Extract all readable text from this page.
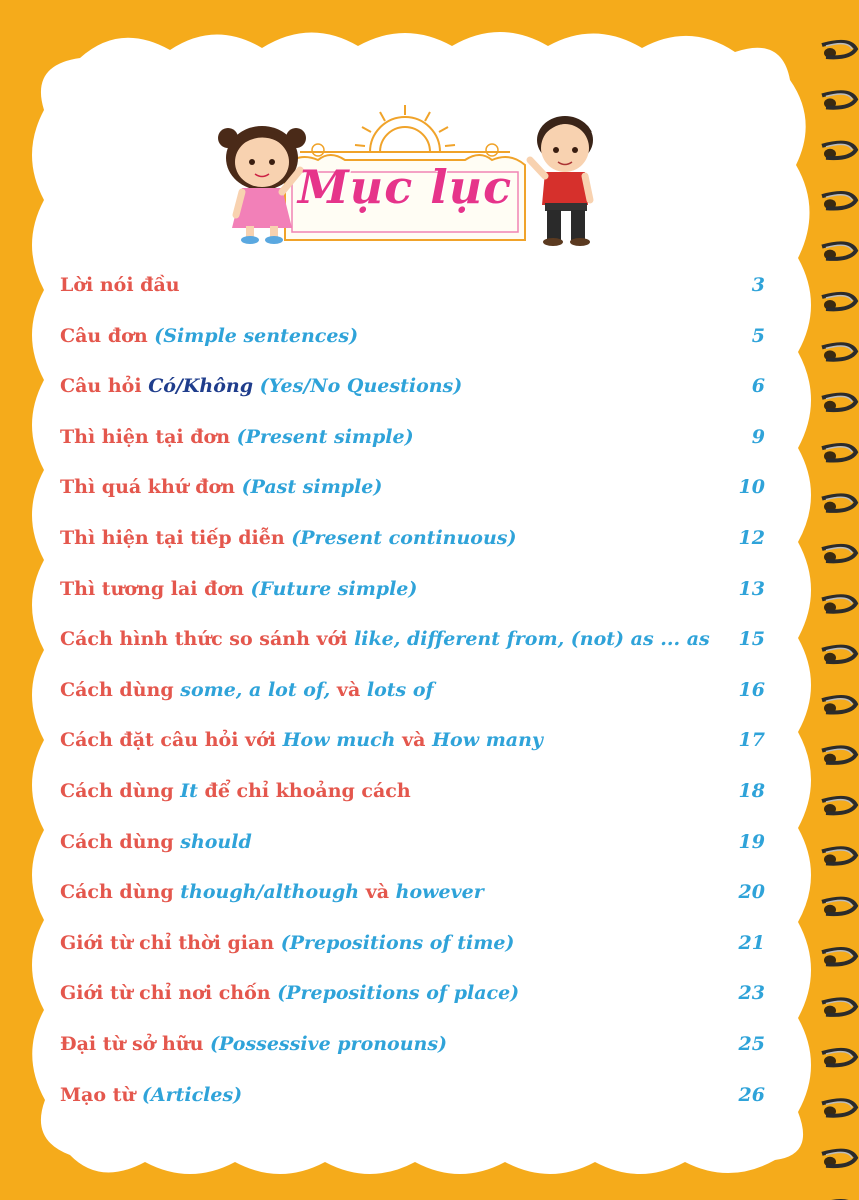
Mục lục
Lời nói đầu	3
Câu đơn (Simple sentences)	5
Câu hỏi Có/Không (Yes/No Questions)	6
Thì hiện tại đơn (Present simple)	9
Thì quá khứ đơn (Past simple)	10
Thì hiện tại tiếp diễn (Present continuous)	12
Thì tương lai đơn (Future simple)	13
Cách hình thức so sánh với like, different from, (not) as ... as 15
Cách dùng some, a lot of, và lots of	16
Cách đặt câu hỏi với How much và How many	17
Cách dùng It để chỉ khoảng cách	18
Cách dùng should	19
Cách dùng though/although và however	20
Giới từ chỉ thời gian (Prepositions of time)	21
Giới từ chỉ nơi chốn (Prepositions of place)	23
Đại từ sở hữu (Possessive pronouns)	25
Mạo từ (Articles)	26
